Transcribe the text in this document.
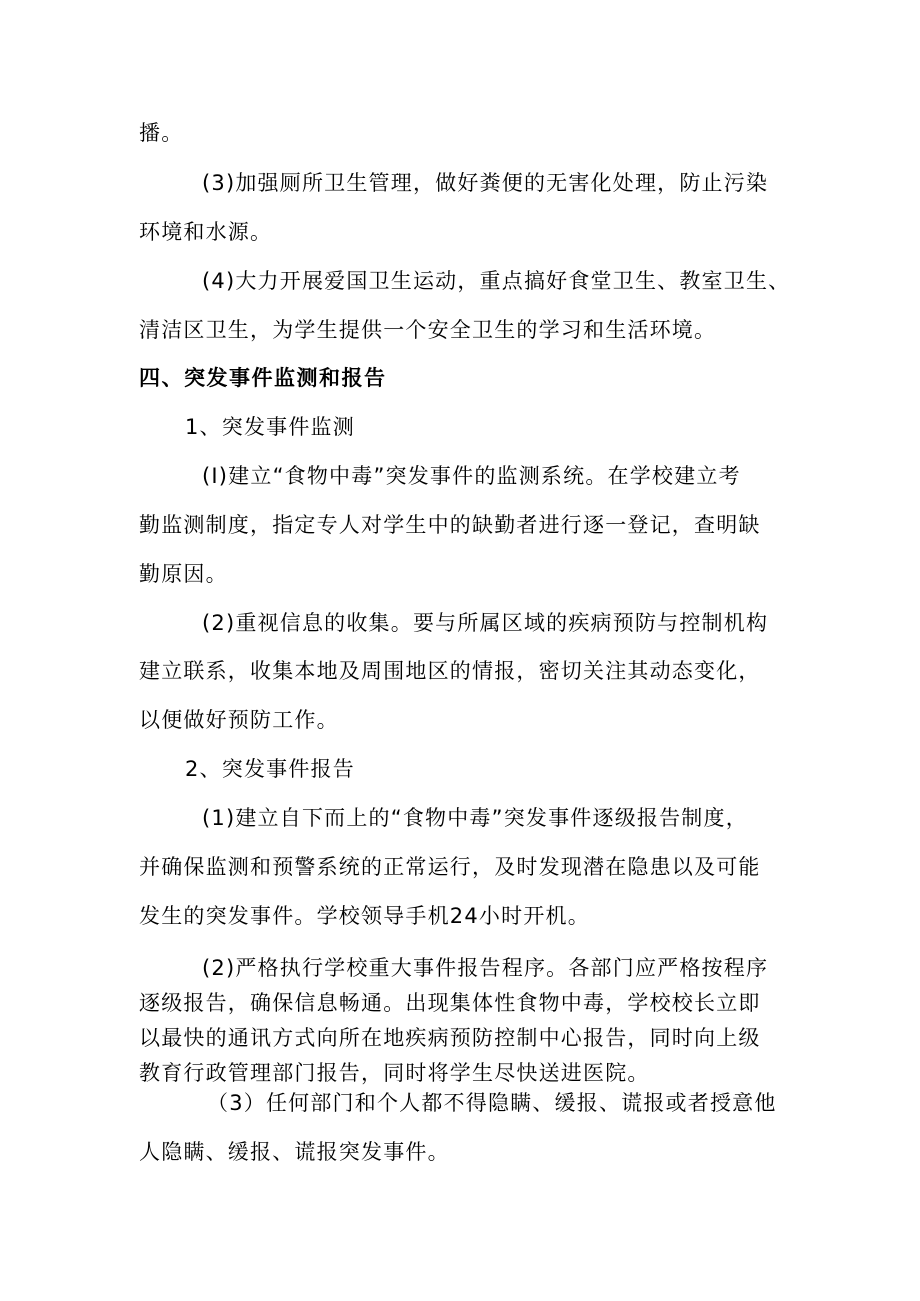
播。
(3)加强厕所卫生管理，做好粪便的无害化处理，防止污染
环境和水源。
(4)大力开展爱国卫生运动，重点搞好食堂卫生、教室卫生、
清洁区卫生，为学生提供一个安全卫生的学习和生活环境。
四、突发事件监测和报告
1、突发事件监测
(I)建立“食物中毒”突发事件的监测系统。在学校建立考
勤监测制度，指定专人对学生中的缺勤者进行逐一登记，查明缺
勤原因。
(2)重视信息的收集。要与所属区域的疾病预防与控制机构
建立联系，收集本地及周围地区的情报，密切关注其动态变化，
以便做好预防工作。
2、突发事件报告
(1)建立自下而上的“食物中毒”突发事件逐级报告制度，
并确保监测和预警系统的正常运行，及时发现潜在隐患以及可能
发生的突发事件。学校领导手机24小时开机。
(2)严格执行学校重大事件报告程序。各部门应严格按程序
逐级报告，确保信息畅通。出现集体性食物中毒，学校校长立即
以最快的通讯方式向所在地疾病预防控制中心报告，同时向上级
教育行政管理部门报告，同时将学生尽快送进医院。
（3）任何部门和个人都不得隐瞒、缓报、谎报或者授意他
人隐瞒、缓报、谎报突发事件。
